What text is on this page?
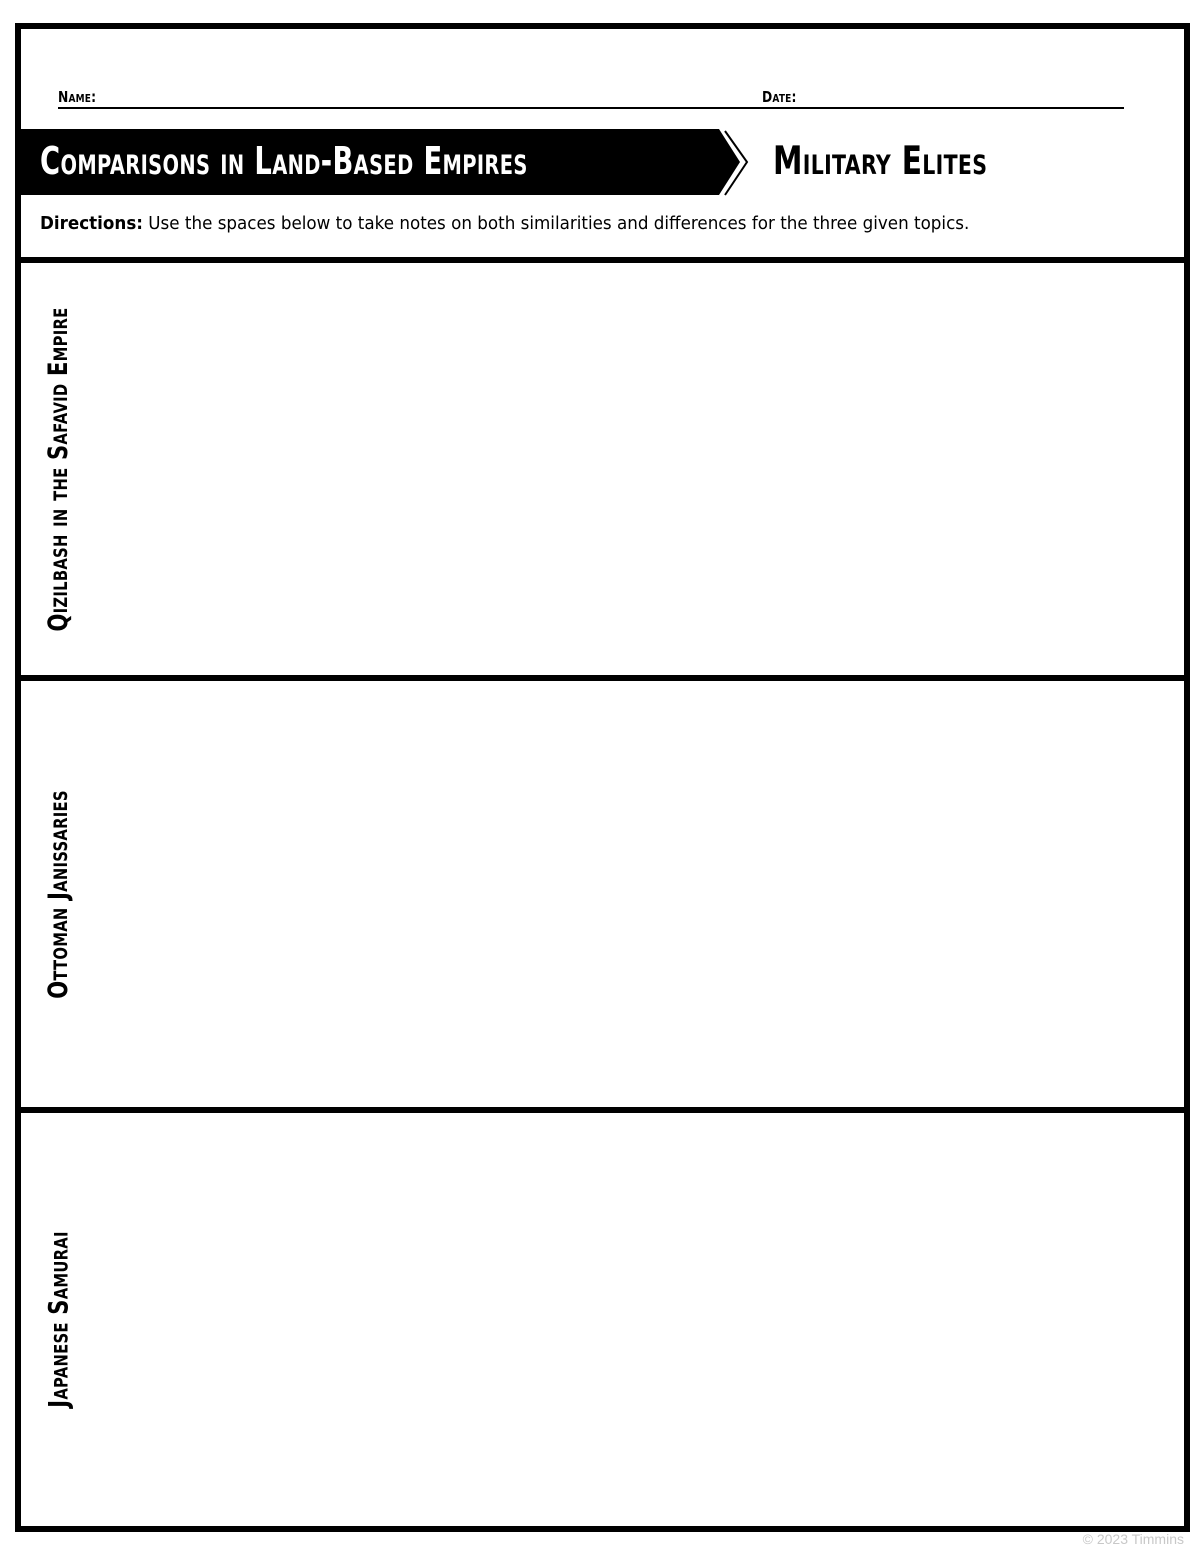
Name:	Date:
Comparisons in Land-Based Empires	Military Elites
Directions: Use the spaces below to take notes on both similarities and differences for the three given topics.
Qizilbash in the Safavid Empire
Ottoman Janissaries
Japanese Samurai
© 2023 Timmins
